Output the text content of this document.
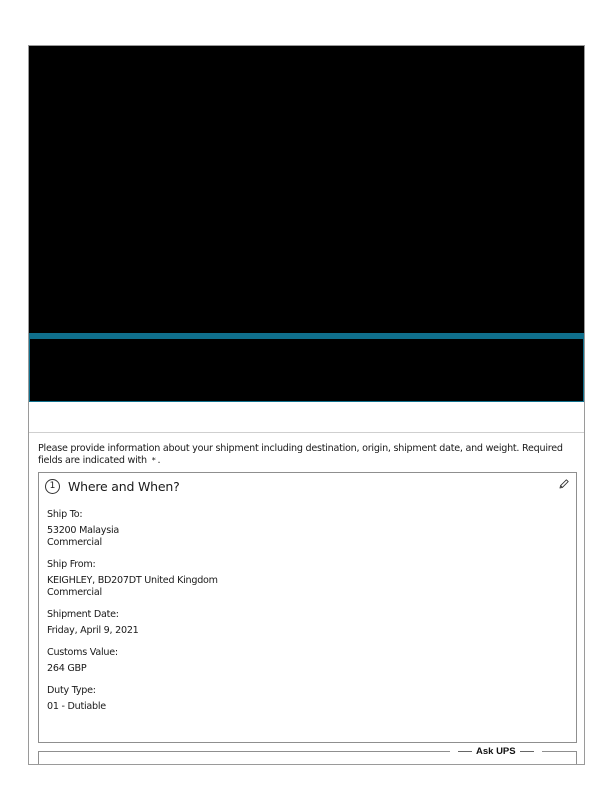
Please provide information about your shipment including destination, origin, shipment date, and weight. Required fields are indicated with * .
1	Where and When?
Ship To:
53200 Malaysia
Commercial
Ship From:
KEIGHLEY, BD207DT United Kingdom
Commercial
Shipment Date:
Friday, April 9, 2021
Customs Value:
264 GBP
Duty Type:
01 - Dutiable
Ask UPS
